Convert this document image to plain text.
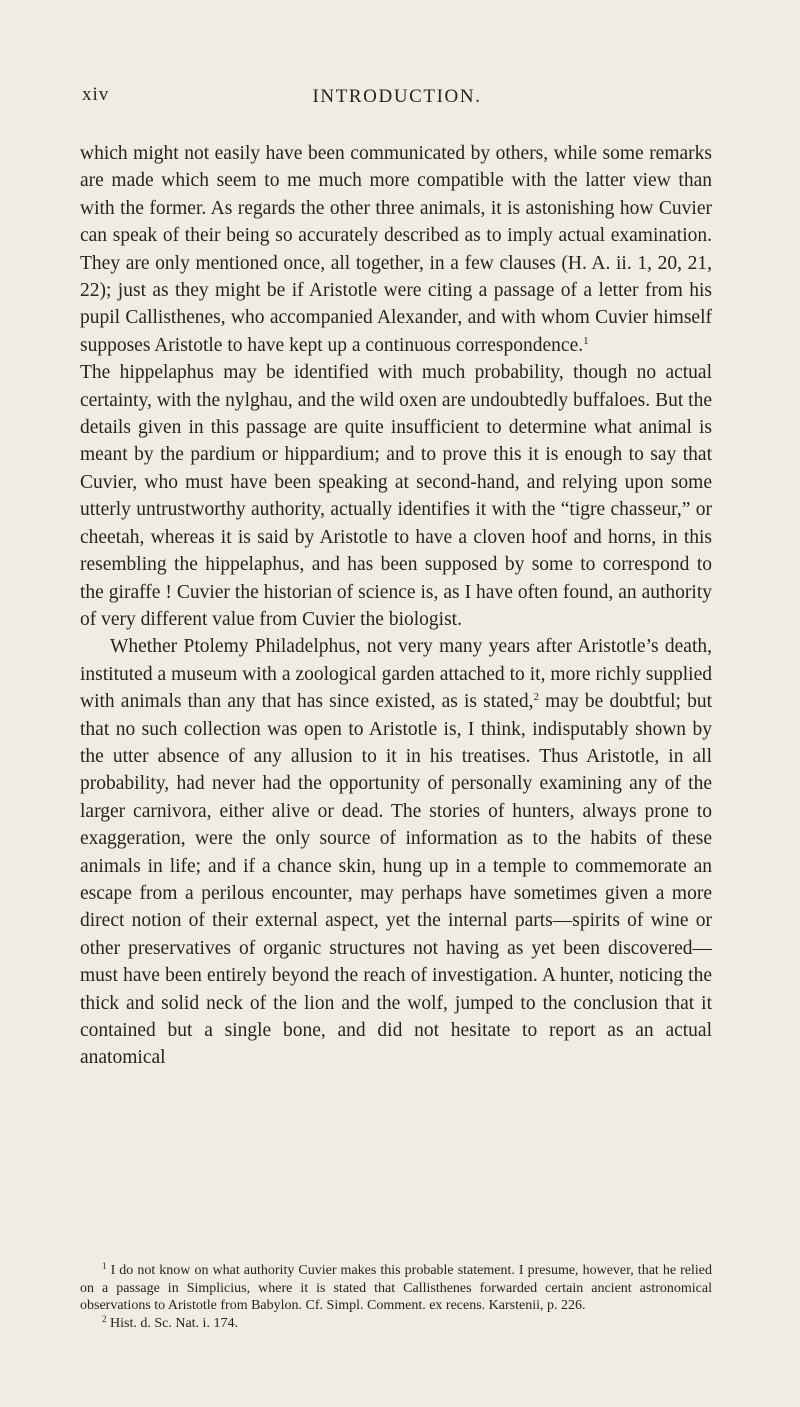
xiv	INTRODUCTION.

which might not easily have been communicated by others, while some remarks are made which seem to me much more compatible with the latter view than with the former. As regards the other three animals, it is astonishing how Cuvier can speak of their being so accurately described as to imply actual examination. They are only mentioned once, all together, in a few clauses (H. A. ii. 1, 20, 21, 22); just as they might be if Aristotle were citing a passage of a letter from his pupil Callisthenes, who accompanied Alexander, and with whom Cuvier himself supposes Aristotle to have kept up a continuous correspondence.$^1$
The hippelaphus may be identified with much probability, though no actual certainty, with the nylghau, and the wild oxen are undoubtedly buffaloes. But the details given in this passage are quite insufficient to determine what animal is meant by the pardium or hippardium; and to prove this it is enough to say that Cuvier, who must have been speaking at second-hand, and relying upon some utterly untrustworthy authority, actually identifies it with the “tigre chasseur,” or cheetah, whereas it is said by Aristotle to have a cloven hoof and horns, in this resembling the hippelaphus, and has been supposed by some to correspond to the giraffe ! Cuvier the historian of science is, as I have often found, an authority of very different value from Cuvier the biologist.

Whether Ptolemy Philadelphus, not very many years after Aristotle’s death, instituted a museum with a zoological garden attached to it, more richly supplied with animals than any that has since existed, as is stated,$^2$ may be doubtful; but that no such collection was open to Aristotle is, I think, indisputably shown by the utter absence of any allusion to it in his treatises. Thus Aristotle, in all probability, had never had the opportunity of personally examining any of the larger carnivora, either alive or dead. The stories of hunters, always prone to exaggeration, were the only source of information as to the habits of these animals in life; and if a chance skin, hung up in a temple to commemorate an escape from a perilous encounter, may perhaps have sometimes given a more direct notion of their external aspect, yet the internal parts—spirits of wine or other preservatives of organic structures not having as yet been discovered—must have been entirely beyond the reach of investigation. A hunter, noticing the thick and solid neck of the lion and the wolf, jumped to the conclusion that it contained but a single bone, and did not hesitate to report as an actual anatomical

$^1$ I do not know on what authority Cuvier makes this probable statement. I presume, however, that he relied on a passage in Simplicius, where it is stated that Callisthenes forwarded certain ancient astronomical observations to Aristotle from Babylon. Cf. Simpl. Comment. ex recens. Karstenii, p. 226.

$^2$ Hist. d. Sc. Nat. i. 174.
